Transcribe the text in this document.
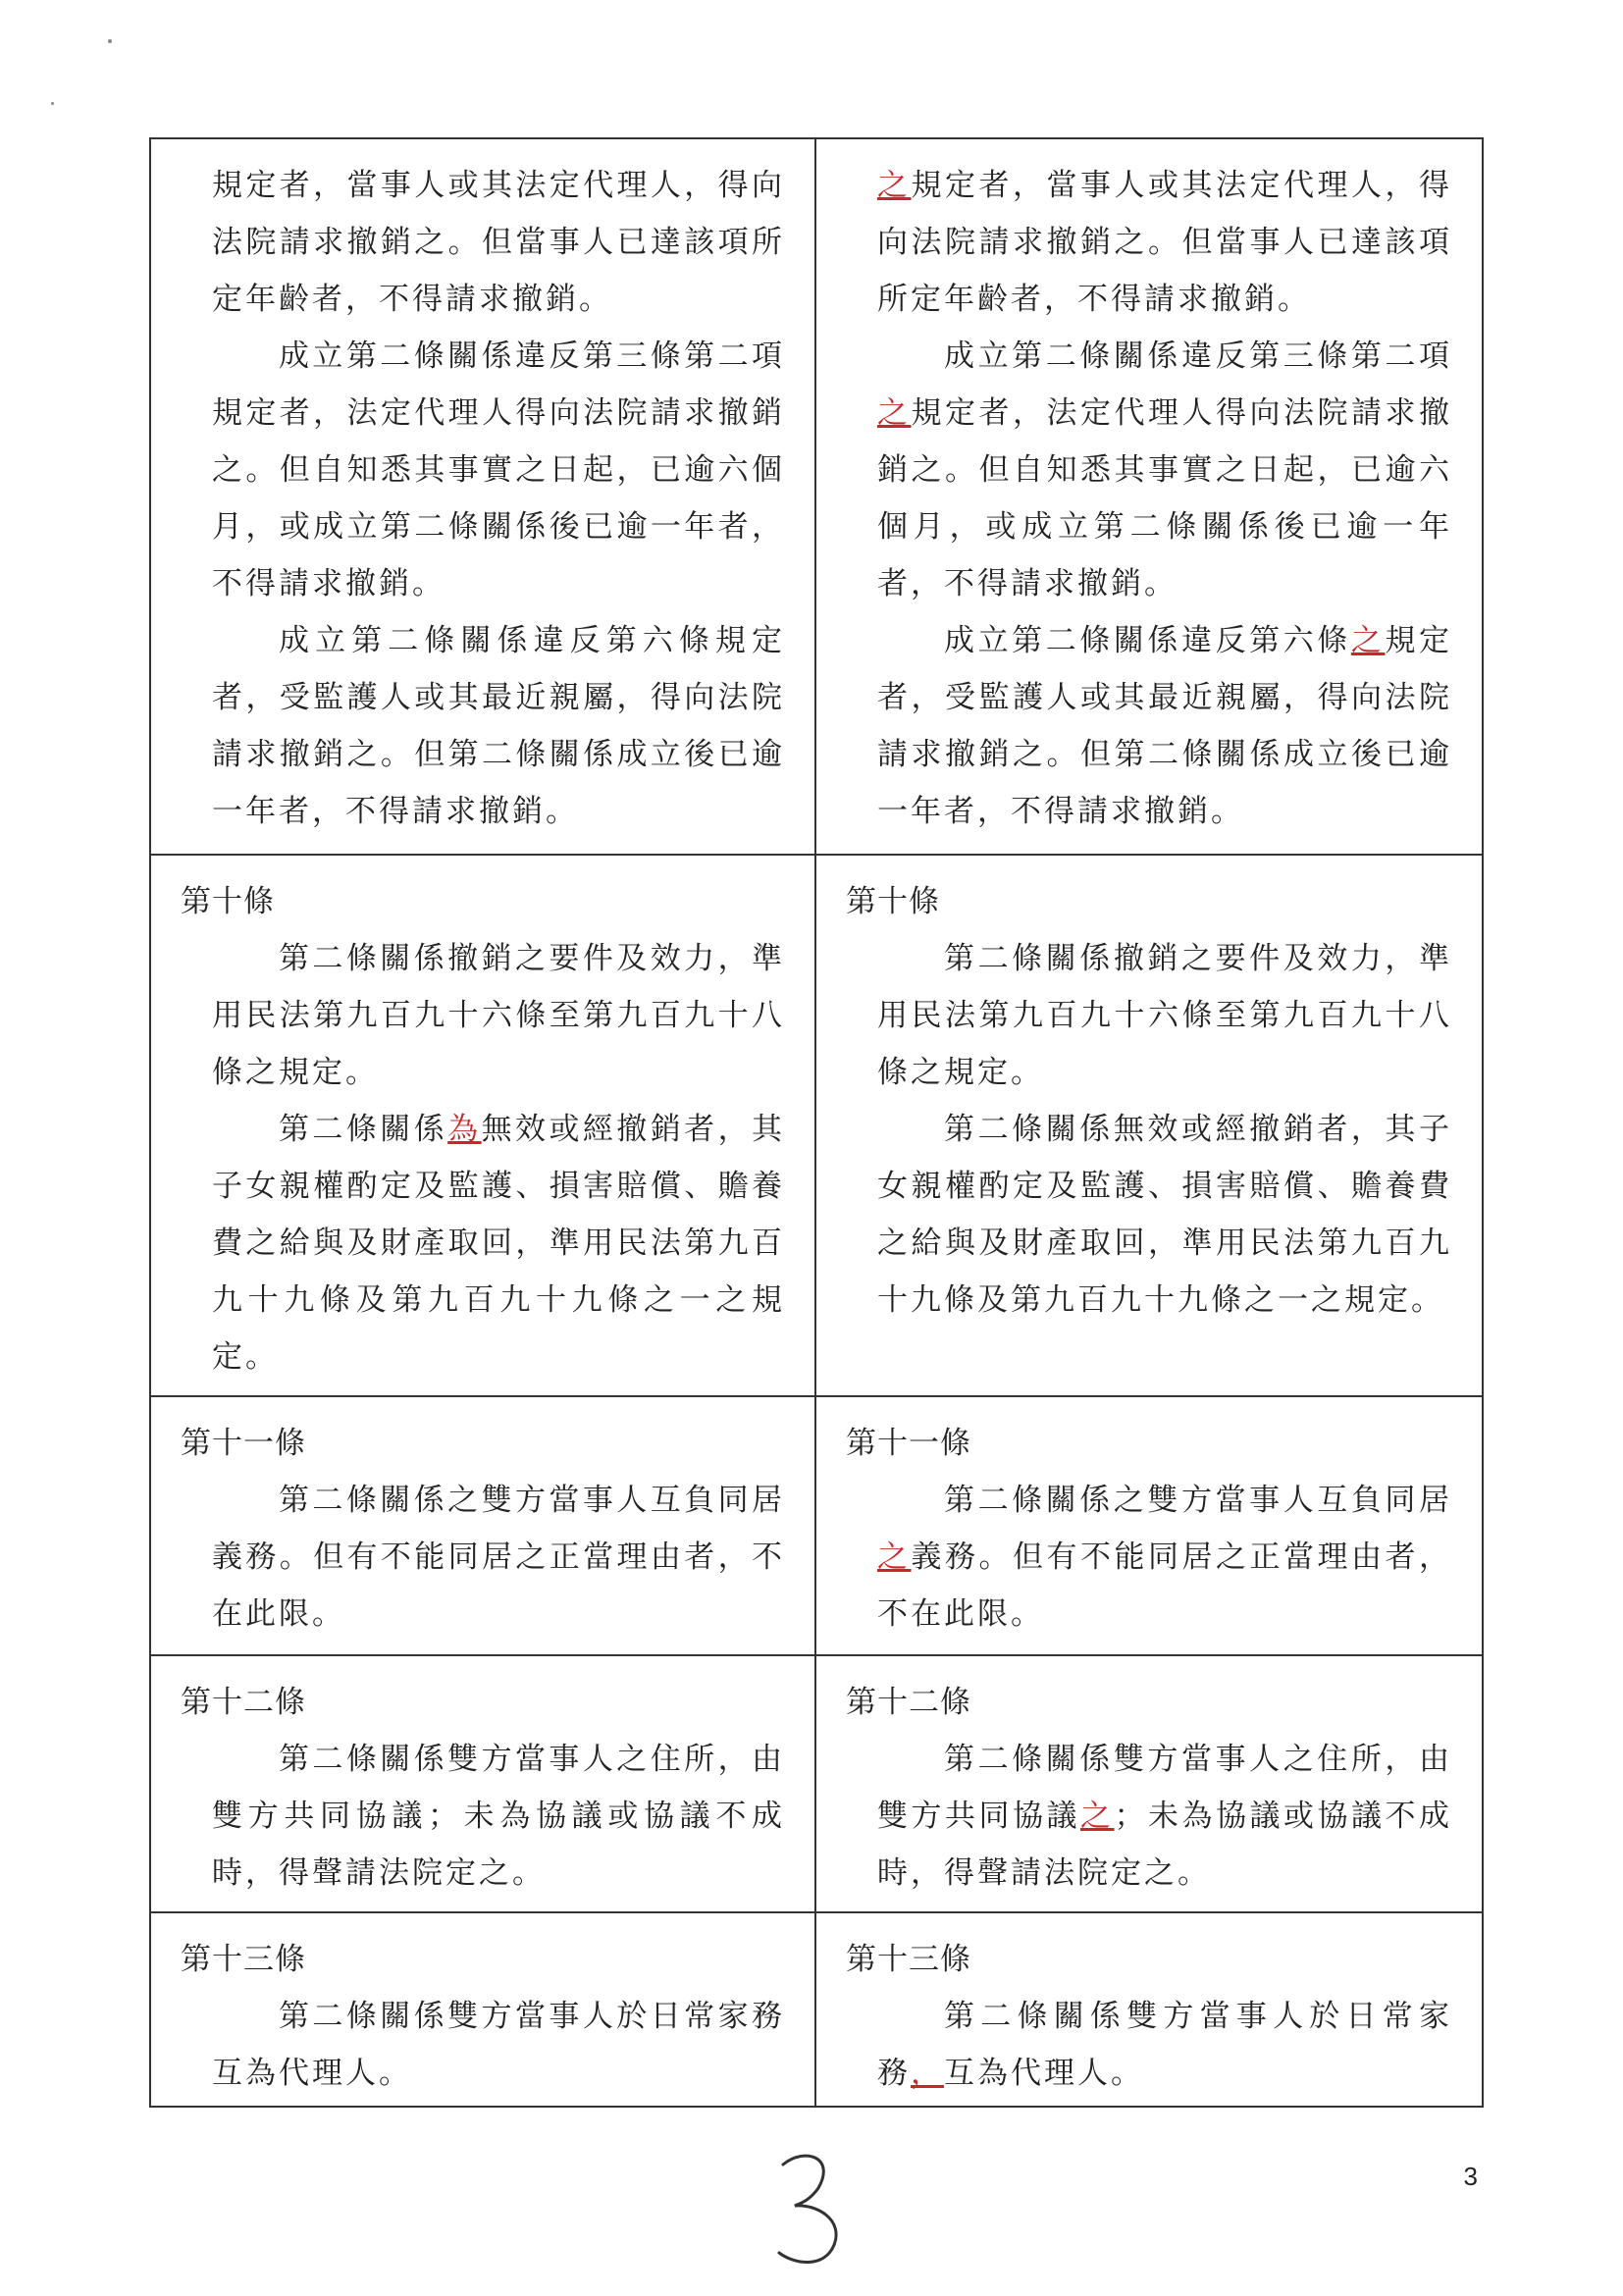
規定者，當事人或其法定代理人，得向法院請求撤銷之。但當事人已達該項所定年齡者，不得請求撤銷。
成立第二條關係違反第三條第二項規定者，法定代理人得向法院請求撤銷之。但自知悉其事實之日起，已逾六個月，或成立第二條關係後已逾一年者，不得請求撤銷。
成立第二條關係違反第六條規定者，受監護人或其最近親屬，得向法院請求撤銷之。但第二條關係成立後已逾一年者，不得請求撤銷。
之規定者，當事人或其法定代理人，得向法院請求撤銷之。但當事人已達該項所定年齡者，不得請求撤銷。
成立第二條關係違反第三條第二項之規定者，法定代理人得向法院請求撤銷之。但自知悉其事實之日起，已逾六個月，或成立第二條關係後已逾一年者，不得請求撤銷。
成立第二條關係違反第六條之規定者，受監護人或其最近親屬，得向法院請求撤銷之。但第二條關係成立後已逾一年者，不得請求撤銷。
第十條
第二條關係撤銷之要件及效力，準用民法第九百九十六條至第九百九十八條之規定。
第二條關係為無效或經撤銷者，其子女親權酌定及監護、損害賠償、贍養費之給與及財產取回，準用民法第九百九十九條及第九百九十九條之一之規定。
第十條
第二條關係撤銷之要件及效力，準用民法第九百九十六條至第九百九十八條之規定。
第二條關係無效或經撤銷者，其子女親權酌定及監護、損害賠償、贍養費之給與及財產取回，準用民法第九百九十九條及第九百九十九條之一之規定。
第十一條
第二條關係之雙方當事人互負同居義務。但有不能同居之正當理由者，不在此限。
第十一條
第二條關係之雙方當事人互負同居之義務。但有不能同居之正當理由者，不在此限。
第十二條
第二條關係雙方當事人之住所，由雙方共同協議；未為協議或協議不成時，得聲請法院定之。
第十二條
第二條關係雙方當事人之住所，由雙方共同協議之；未為協議或協議不成時，得聲請法院定之。
第十三條
第二條關係雙方當事人於日常家務互為代理人。
第十三條
第二條關係雙方當事人於日常家務，互為代理人。
3
